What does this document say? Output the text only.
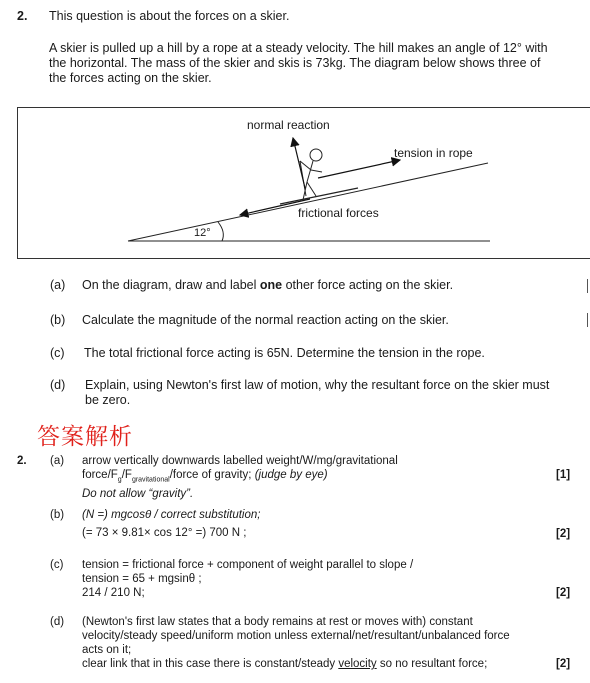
2. This question is about the forces on a skier.
A skier is pulled up a hill by a rope at a steady velocity. The hill makes an angle of 12° with
the horizontal. The mass of the skier and skis is 73kg. The diagram below shows three of
the forces acting on the skier.
normal reaction
tension in rope
frictional forces
12°
(a) On the diagram, draw and label one other force acting on the skier.
(b) Calculate the magnitude of the normal reaction acting on the skier.
(c) The total frictional force acting is 65N. Determine the tension in the rope.
(d) Explain, using Newton's first law of motion, why the resultant force on the skier must
be zero.
答案解析
2. (a) arrow vertically downwards labelled weight/W/mg/gravitational
force/$F_g/F_{gravitational}$/force of gravity; (judge by eye)
Do not allow “gravity”.
[1]
(b) (N =) mgcosθ / correct substitution;
(= 73 × 9.81× cos 12° =) 700 N ;	[2]
(c) tension = frictional force + component of weight parallel to slope /
tension = 65 + mgsinθ ;
214 / 210 N;	[2]
(d) (Newton's first law states that a body remains at rest or moves with) constant
velocity/steady speed/uniform motion unless external/net/resultant/unbalanced force
acts on it;
clear link that in this case there is constant/steady velocity so no resultant force;	[2]
